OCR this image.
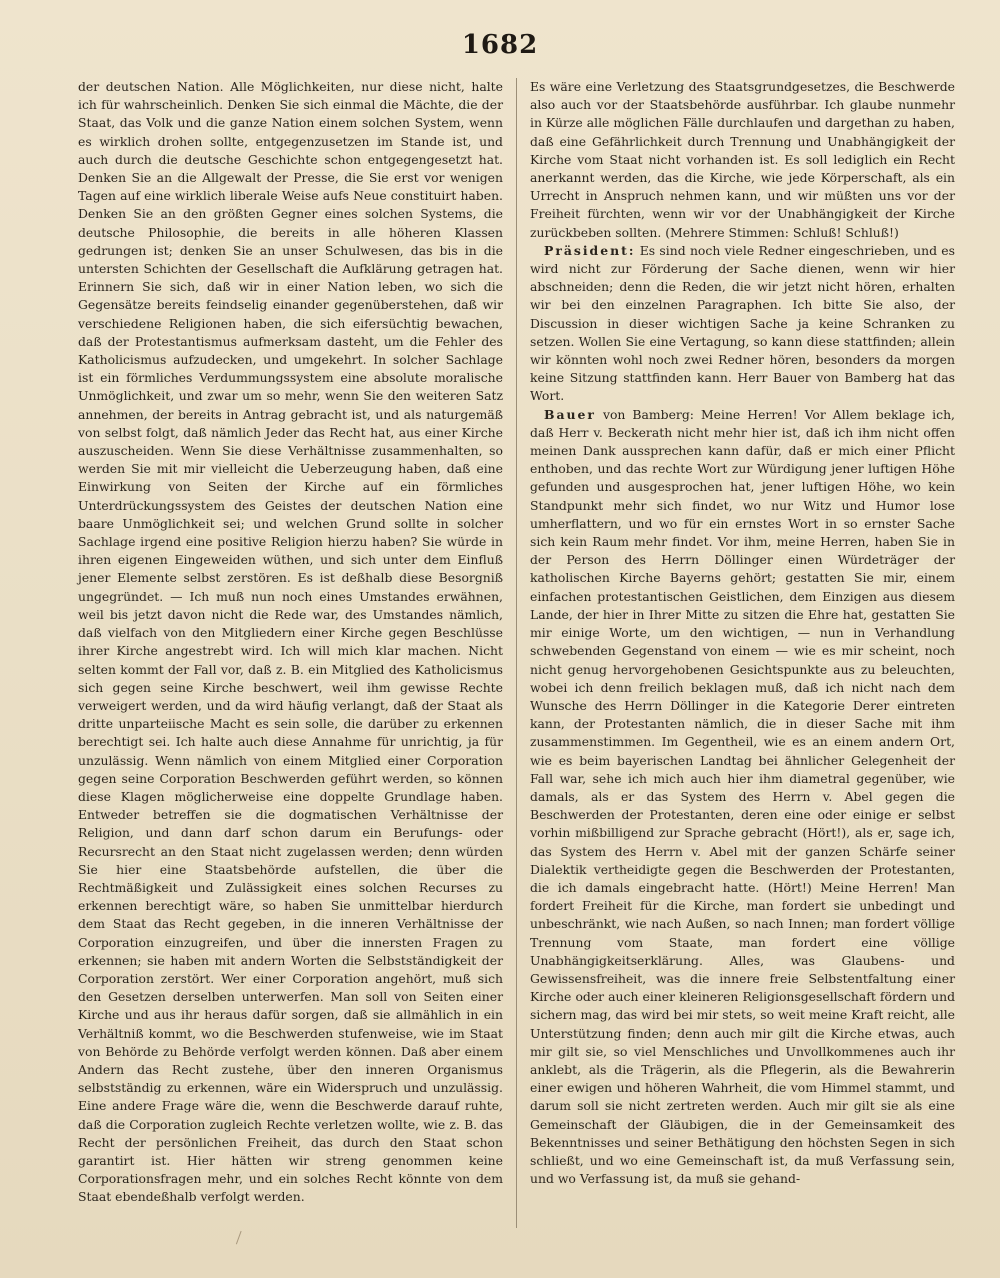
1682

der deutschen Nation. Alle Möglichkeiten, nur diese nicht, halte ich für wahrscheinlich. Denken Sie sich einmal die Mächte, die der Staat, das Volk und die ganze Nation einem solchen System, wenn es wirklich drohen sollte, entgegenzusetzen im Stande ist, und auch durch die deutsche Geschichte schon entgegengesetzt hat. Denken Sie an die Allgewalt der Presse, die Sie erst vor wenigen Tagen auf eine wirklich liberale Weise aufs Neue constituirt haben. Denken Sie an den größten Gegner eines solchen Systems, die deutsche Philosophie, die bereits in alle höheren Klassen gedrungen ist; denken Sie an unser Schulwesen, das bis in die untersten Schichten der Gesellschaft die Aufklärung getragen hat. Erinnern Sie sich, daß wir in einer Nation leben, wo sich die Gegensätze bereits feindselig einander gegenüberstehen, daß wir verschiedene Religionen haben, die sich eifersüchtig bewachen, daß der Protestantismus aufmerksam dasteht, um die Fehler des Katholicismus aufzudecken, und umgekehrt. In solcher Sachlage ist ein förmliches Verdummungssystem eine absolute moralische Unmöglichkeit, und zwar um so mehr, wenn Sie den weiteren Satz annehmen, der bereits in Antrag gebracht ist, und als naturgemäß von selbst folgt, daß nämlich Jeder das Recht hat, aus einer Kirche auszuscheiden. Wenn Sie diese Verhältnisse zusammenhalten, so werden Sie mit mir vielleicht die Ueberzeugung haben, daß eine Einwirkung von Seiten der Kirche auf ein förmliches Unterdrückungssystem des Geistes der deutschen Nation eine baare Unmöglichkeit sei; und welchen Grund sollte in solcher Sachlage irgend eine positive Religion hierzu haben? Sie würde in ihren eigenen Eingeweiden wüthen, und sich unter dem Einfluß jener Elemente selbst zerstören. Es ist deßhalb diese Besorgniß ungegründet. — Ich muß nun noch eines Umstandes erwähnen, weil bis jetzt davon nicht die Rede war, des Umstandes nämlich, daß vielfach von den Mitgliedern einer Kirche gegen Beschlüsse ihrer Kirche angestrebt wird. Ich will mich klar machen. Nicht selten kommt der Fall vor, daß z. B. ein Mitglied des Katholicismus sich gegen seine Kirche beschwert, weil ihm gewisse Rechte verweigert werden, und da wird häufig verlangt, daß der Staat als dritte unparteiische Macht es sein solle, die darüber zu erkennen berechtigt sei. Ich halte auch diese Annahme für unrichtig, ja für unzulässig. Wenn nämlich von einem Mitglied einer Corporation gegen seine Corporation Beschwerden geführt werden, so können diese Klagen möglicherweise eine doppelte Grundlage haben. Entweder betreffen sie die dogmatischen Verhältnisse der Religion, und dann darf schon darum ein Berufungs- oder Recursrecht an den Staat nicht zugelassen werden; denn würden Sie hier eine Staatsbehörde aufstellen, die über die Rechtmäßigkeit und Zulässigkeit eines solchen Recurses zu erkennen berechtigt wäre, so haben Sie unmittelbar hierdurch dem Staat das Recht gegeben, in die inneren Verhältnisse der Corporation einzugreifen, und über die innersten Fragen zu erkennen; sie haben mit andern Worten die Selbstständigkeit der Corporation zerstört. Wer einer Corporation angehört, muß sich den Gesetzen derselben unterwerfen. Man soll von Seiten einer Kirche und aus ihr heraus dafür sorgen, daß sie allmählich in ein Verhältniß kommt, wo die Beschwerden stufenweise, wie im Staat von Behörde zu Behörde verfolgt werden können. Daß aber einem Andern das Recht zustehe, über den inneren Organismus selbstständig zu erkennen, wäre ein Widerspruch und unzulässig. Eine andere Frage wäre die, wenn die Beschwerde darauf ruhte, daß die Corporation zugleich Rechte verletzen wollte, wie z. B. das Recht der persönlichen Freiheit, das durch den Staat schon garantirt ist. Hier hätten wir streng genommen keine Corporationsfragen mehr, und ein solches Recht könnte von dem Staat ebendeßhalb verfolgt werden.

Es wäre eine Verletzung des Staatsgrundgesetzes, die Beschwerde also auch vor der Staatsbehörde ausführbar. Ich glaube nunmehr in Kürze alle möglichen Fälle durchlaufen und dargethan zu haben, daß eine Gefährlichkeit durch Trennung und Unabhängigkeit der Kirche vom Staat nicht vorhanden ist. Es soll lediglich ein Recht anerkannt werden, das die Kirche, wie jede Körperschaft, als ein Urrecht in Anspruch nehmen kann, und wir müßten uns vor der Freiheit fürchten, wenn wir vor der Unabhängigkeit der Kirche zurückbeben sollten. (Mehrere Stimmen: Schluß! Schluß!)

Präsident: Es sind noch viele Redner eingeschrieben, und es wird nicht zur Förderung der Sache dienen, wenn wir hier abschneiden; denn die Reden, die wir jetzt nicht hören, erhalten wir bei den einzelnen Paragraphen. Ich bitte Sie also, der Discussion in dieser wichtigen Sache ja keine Schranken zu setzen. Wollen Sie eine Vertagung, so kann diese stattfinden; allein wir könnten wohl noch zwei Redner hören, besonders da morgen keine Sitzung stattfinden kann. Herr Bauer von Bamberg hat das Wort.

Bauer von Bamberg: Meine Herren! Vor Allem beklage ich, daß Herr v. Beckerath nicht mehr hier ist, daß ich ihm nicht offen meinen Dank aussprechen kann dafür, daß er mich einer Pflicht enthoben, und das rechte Wort zur Würdigung jener luftigen Höhe gefunden und ausgesprochen hat, jener luftigen Höhe, wo kein Standpunkt mehr sich findet, wo nur Witz und Humor lose umherflattern, und wo für ein ernstes Wort in so ernster Sache sich kein Raum mehr findet. Vor ihm, meine Herren, haben Sie in der Person des Herrn Döllinger einen Würdeträger der katholischen Kirche Bayerns gehört; gestatten Sie mir, einem einfachen protestantischen Geistlichen, dem Einzigen aus diesem Lande, der hier in Ihrer Mitte zu sitzen die Ehre hat, gestatten Sie mir einige Worte, um den wichtigen, — nun in Verhandlung schwebenden Gegenstand von einem — wie es mir scheint, noch nicht genug hervorgehobenen Gesichtspunkte aus zu beleuchten, wobei ich denn freilich beklagen muß, daß ich nicht nach dem Wunsche des Herrn Döllinger in die Kategorie Derer eintreten kann, der Protestanten nämlich, die in dieser Sache mit ihm zusammenstimmen. Im Gegentheil, wie es an einem andern Ort, wie es beim bayerischen Landtag bei ähnlicher Gelegenheit der Fall war, sehe ich mich auch hier ihm diametral gegenüber, wie damals, als er das System des Herrn v. Abel gegen die Beschwerden der Protestanten, deren eine oder einige er selbst vorhin mißbilligend zur Sprache gebracht (Hört!), als er, sage ich, das System des Herrn v. Abel mit der ganzen Schärfe seiner Dialektik vertheidigte gegen die Beschwerden der Protestanten, die ich damals eingebracht hatte. (Hört!) Meine Herren! Man fordert Freiheit für die Kirche, man fordert sie unbedingt und unbeschränkt, wie nach Außen, so nach Innen; man fordert völlige Trennung vom Staate, man fordert eine völlige Unabhängigkeitserklärung. Alles, was Glaubens- und Gewissensfreiheit, was die innere freie Selbstentfaltung einer Kirche oder auch einer kleineren Religionsgesellschaft fördern und sichern mag, das wird bei mir stets, so weit meine Kraft reicht, alle Unterstützung finden; denn auch mir gilt die Kirche etwas, auch mir gilt sie, so viel Menschliches und Unvollkommenes auch ihr anklebt, als die Trägerin, als die Pflegerin, als die Bewahrerin einer ewigen und höheren Wahrheit, die vom Himmel stammt, und darum soll sie nicht zertreten werden. Auch mir gilt sie als eine Gemeinschaft der Gläubigen, die in der Gemeinsamkeit des Bekenntnisses und seiner Bethätigung den höchsten Segen in sich schließt, und wo eine Gemeinschaft ist, da muß Verfassung sein, und wo Verfassung ist, da muß sie gehand-
